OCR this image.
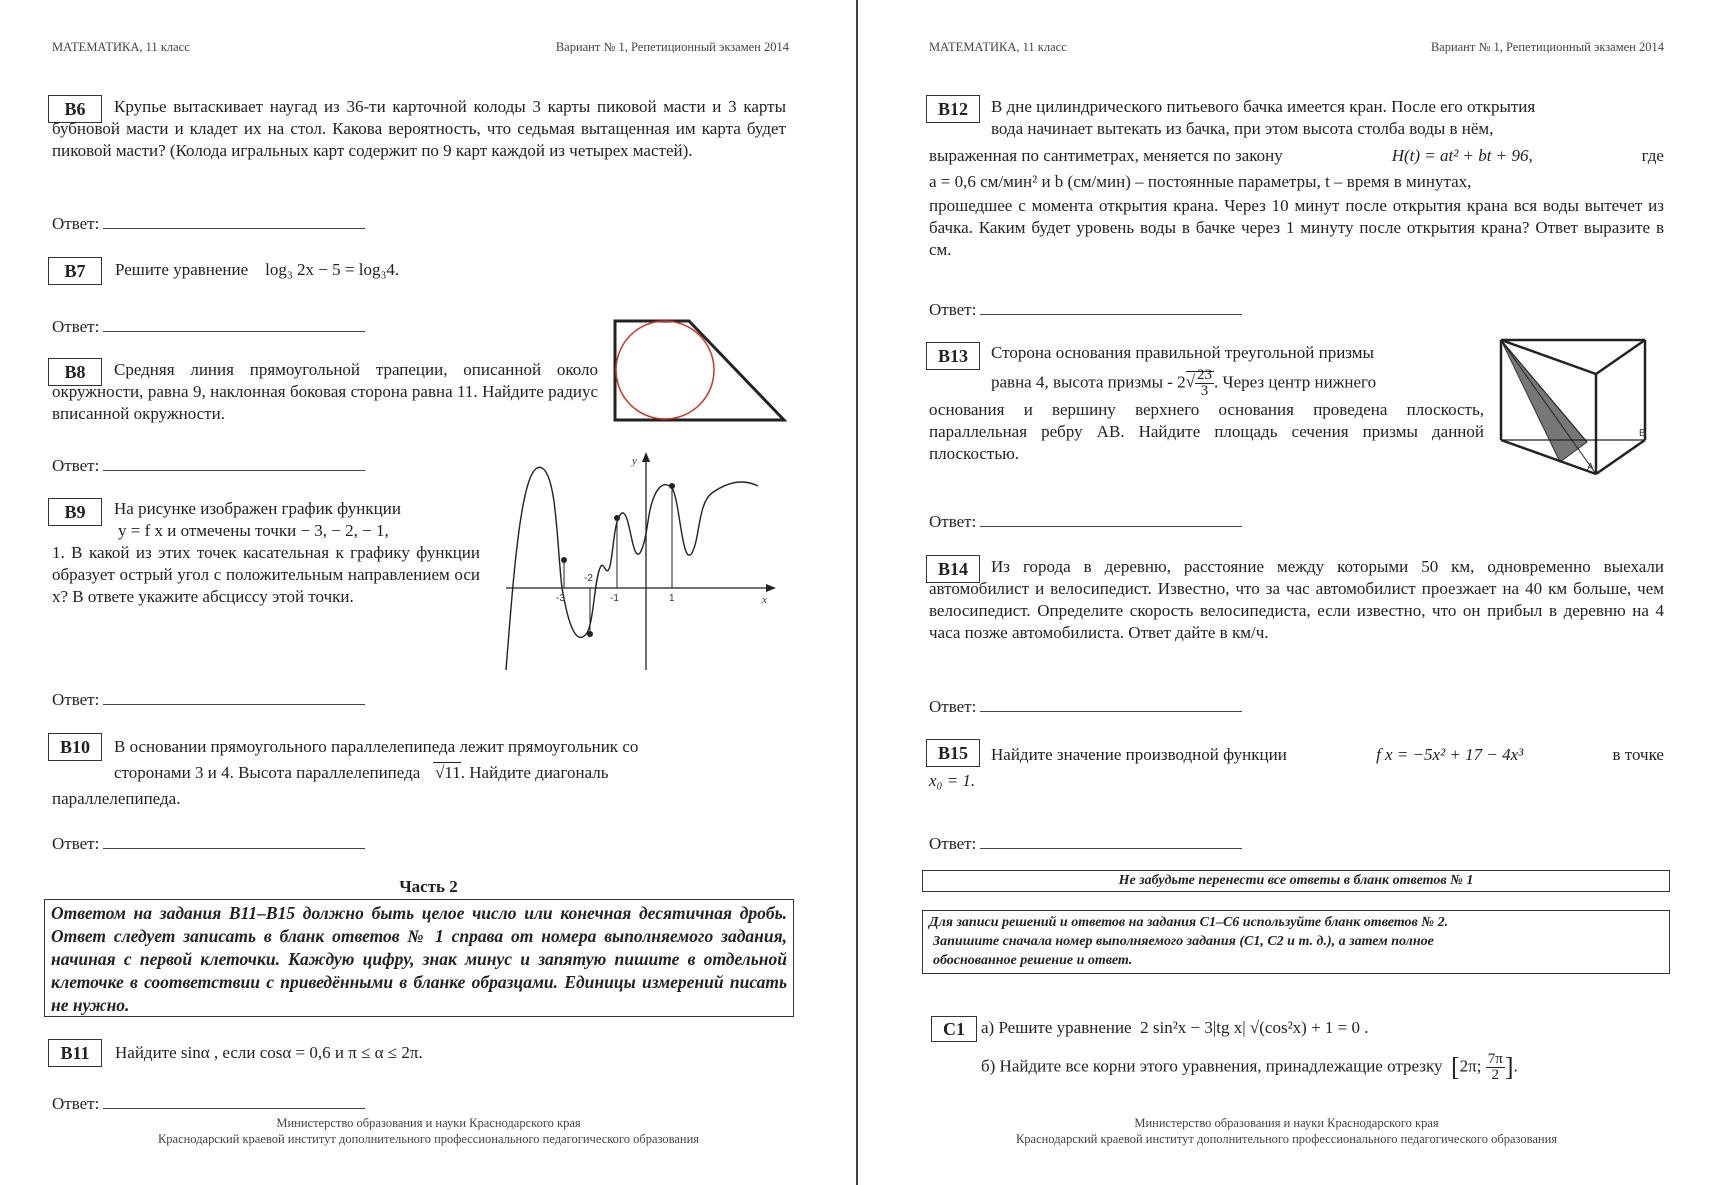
МАТЕМАТИКА, 11 класс	Вариант № 1, Репетиционный экзамен 2014
B6	Крупье вытаскивает наугад из 36-ти карточной колоды 3 карты пиковой масти и 3 карты бубновой масти и кладет их на стол. Какова вероятность, что седьмая вытащенная им карта будет пиковой масти? (Колода игральных карт содержит по 9 карт каждой из четырех мастей).
Ответ:
B7	Решите уравнение log₃ 2x − 5 = log₃4.
Ответ:
B8	Средняя линия прямоугольной трапеции, описанной около окружности, равна 9, наклонная боковая сторона равна 11. Найдите радиус вписанной окружности.
Ответ:
B9	На рисунке изображен график функции
y = f x и отмечены точки − 3, − 2, − 1,
1. В какой из этих точек касательная к графику функции образует острый угол с положительным направлением оси x? В ответе укажите абсциссу этой точки.
y
x
-3
-2
-1	1
Ответ:
B10	В основании прямоугольного параллелепипеда лежит прямоугольник со
сторонами 3 и 4. Высота параллелепипеда √11. Найдите диагональ
параллелепипеда.
Ответ:
Часть 2
Ответом на задания B11–B15 должно быть целое число или конечная десятичная дробь. Ответ следует записать в бланк ответов № 1 справа от номера выполняемого задания, начиная с первой клеточки. Каждую цифру, знак минус и запятую пишите в отдельной клеточке в соответствии с приведёнными в бланке образцами. Единицы измерений писать не нужно.
B11	Найдите sinα , если cosα = 0,6 и π ≤ α ≤ 2π.
Ответ:
Министерство образования и науки Краснодарского края
Краснодарский краевой институт дополнительного профессионального педагогического образования
МАТЕМАТИКА, 11 класс	Вариант № 1, Репетиционный экзамен 2014
B12	В дне цилиндрического питьевого бачка имеется кран. После его открытия
вода начинает вытекать из бачка, при этом высота столба воды в нём,
выраженная по сантиметрах, меняется по закону	H(t) = at² + bt + 96,	где
a = 0,6 см/мин² и b (см/мин) – постоянные параметры, t – время в минутах,
прошедшее с момента открытия крана. Через 10 минут после открытия крана вся воды вытечет из бачка. Каким будет уровень воды в бачке через 1 минуту после открытия крана? Ответ выразите в см.
Ответ:
B13	Сторона основания правильной треугольной призмы
равна 4, высота призмы - $2√ \frac{23}{3}$ . Через центр нижнего
основания и вершину верхнего основания проведена плоскость, параллельная ребру AB. Найдите площадь сечения призмы данной плоскостью.
A
B
Ответ:
B14	Из города в деревню, расстояние между которыми 50 км, одновременно выехали автомобилист и велосипедист. Известно, что за час автомобилист проезжает на 40 км больше, чем велосипедист. Определите скорость велосипедиста, если известно, что он прибыл в деревню на 4 часа позже автомобилиста. Ответ дайте в км/ч.
Ответ:
B15	Найдите значение производной функции	f x = −5x² + 17 − 4x³	в точке
x₀ = 1.
Ответ:
Не забудьте перенести все ответы в бланк ответов № 1
Для записи решений и ответов на задания C1–C6 используйте бланк ответов № 2.
Запишите сначала номер выполняемого задания (C1, C2 и т. д.), а затем полное
обоснованное решение и ответ.
C1 а) Решите уравнение 2 sin²x − 3|tg x| √(cos²x) + 1 = 0 .
б) Найдите все корни этого уравнения, принадлежащие отрезку [2π; $\frac{7\pi}{2}$ ].
Министерство образования и науки Краснодарского края
Краснодарский краевой институт дополнительного профессионального педагогического образования
